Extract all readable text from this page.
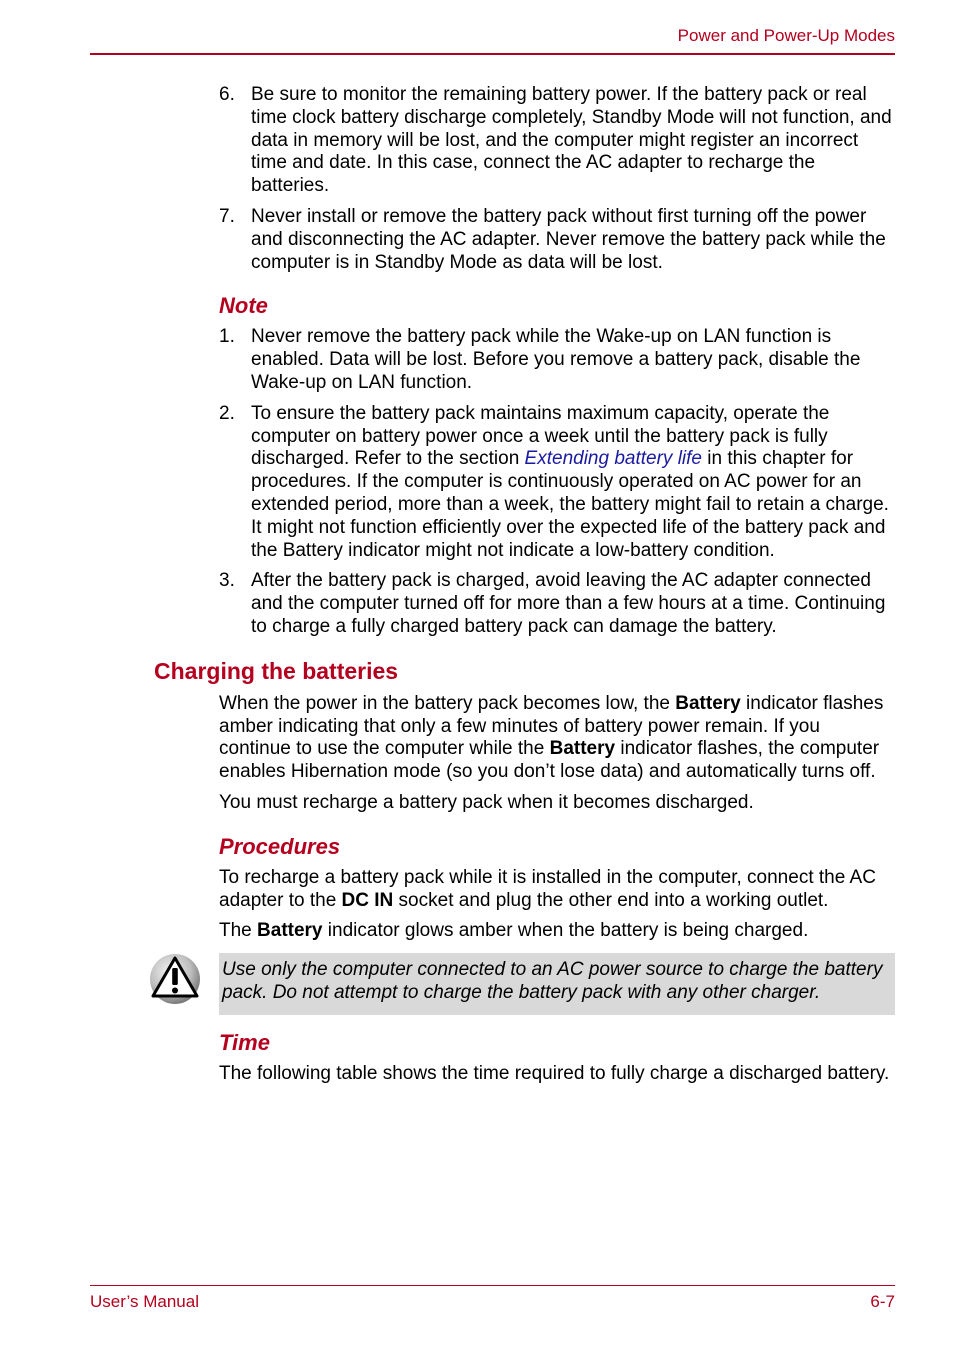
Power and Power-Up Modes
6. Be sure to monitor the remaining battery power. If the battery pack or real time clock battery discharge completely, Standby Mode will not function, and data in memory will be lost, and the computer might register an incorrect time and date. In this case, connect the AC adapter to recharge the batteries.
7. Never install or remove the battery pack without first turning off the power and disconnecting the AC adapter. Never remove the battery pack while the computer is in Standby Mode as data will be lost.
Note
1. Never remove the battery pack while the Wake-up on LAN function is enabled. Data will be lost. Before you remove a battery pack, disable the Wake-up on LAN function.
2. To ensure the battery pack maintains maximum capacity, operate the computer on battery power once a week until the battery pack is fully discharged. Refer to the section Extending battery life in this chapter for procedures. If the computer is continuously operated on AC power for an extended period, more than a week, the battery might fail to retain a charge. It might not function efficiently over the expected life of the battery pack and the Battery indicator might not indicate a low-battery condition.
3. After the battery pack is charged, avoid leaving the AC adapter connected and the computer turned off for more than a few hours at a time. Continuing to charge a fully charged battery pack can damage the battery.
Charging the batteries
When the power in the battery pack becomes low, the Battery indicator flashes amber indicating that only a few minutes of battery power remain. If you continue to use the computer while the Battery indicator flashes, the computer enables Hibernation mode (so you don’t lose data) and automatically turns off.
You must recharge a battery pack when it becomes discharged.
Procedures
To recharge a battery pack while it is installed in the computer, connect the AC adapter to the DC IN socket and plug the other end into a working outlet.
The Battery indicator glows amber when the battery is being charged.
Use only the computer connected to an AC power source to charge the battery pack. Do not attempt to charge the battery pack with any other charger.
Time
The following table shows the time required to fully charge a discharged battery.
User’s Manual	6-7
